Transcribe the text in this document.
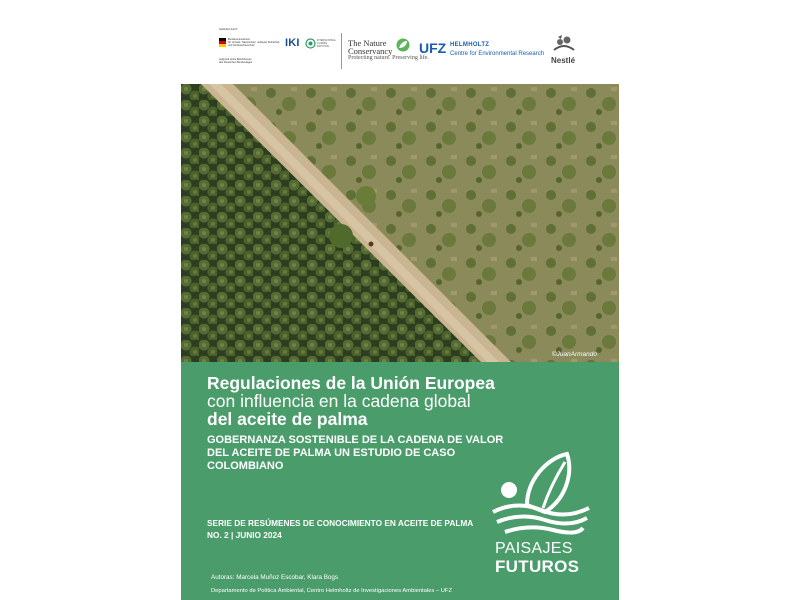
Gefördert durch:
Bundesministerium
für Umwelt, Naturschutz, nukleare Sicherheit
und Verbraucherschutz
aufgrund eines Beschlusses
des Deutschen Bundestages
IKI	INTERNATIONAL
CLIMATE
INITIATIVE	The Nature
Conservancy
Protecting nature. Preserving life.
UFZ HELMHOLTZ
Centre for Environmental Research
Nestlé
©JuanArmando
Regulaciones de la Unión Europea
con influencia en la cadena global
del aceite de palma
GOBERNANZA SOSTENIBLE DE LA CADENA DE VALOR DEL ACEITE DE PALMA UN ESTUDIO DE CASO COLOMBIANO
SERIE DE RESÚMENES DE CONOCIMIENTO EN ACEITE DE PALMA
NO. 2 | JUNIO 2024
Autoras: Marcela Muñoz Escobar, Klara Bogs
Departamento de Política Ambiental, Centro Helmholtz de Investigaciones Ambientales – UFZ
PAISAJES
FUTUROS
